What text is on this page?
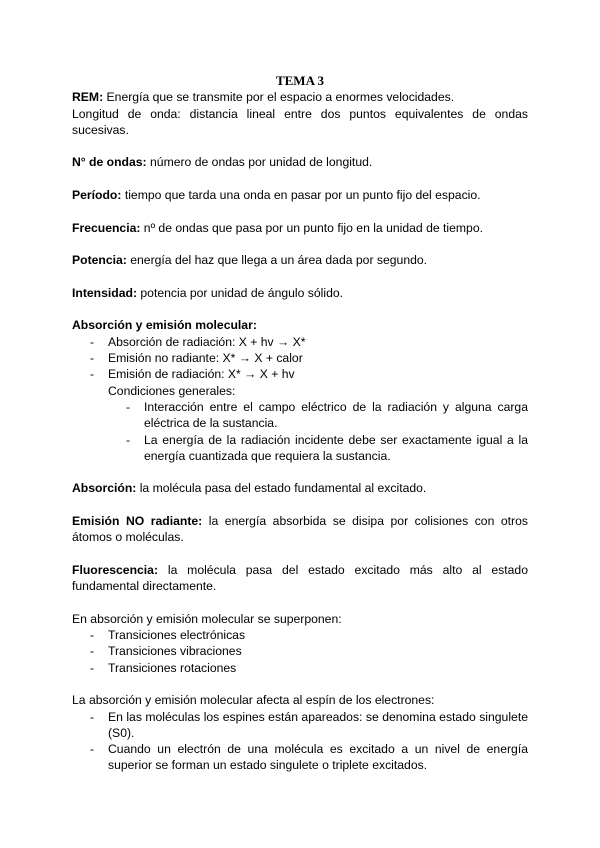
TEMA 3

REM: Energía que se transmite por el espacio a enormes velocidades.

Longitud de onda: distancia lineal entre dos puntos equivalentes de ondas sucesivas.

N° de ondas: número de ondas por unidad de longitud.

Período: tiempo que tarda una onda en pasar por un punto fijo del espacio.

Frecuencia: nº de ondas que pasa por un punto fijo en la unidad de tiempo.

Potencia: energía del haz que llega a un área dada por segundo.

Intensidad: potencia por unidad de ángulo sólido.

Absorción y emisión molecular:

- Absorción de radiación: X + hv → X*
- Emisión no radiante: X* → X + calor
- Emisión de radiación: X* → X + hv

Condiciones generales:

- Interacción entre el campo eléctrico de la radiación y alguna carga eléctrica de la sustancia.
- La energía de la radiación incidente debe ser exactamente igual a la energía cuantizada que requiera la sustancia.

Absorción: la molécula pasa del estado fundamental al excitado.

Emisión NO radiante: la energía absorbida se disipa por colisiones con otros átomos o moléculas.

Fluorescencia: la molécula pasa del estado excitado más alto al estado fundamental directamente.

En absorción y emisión molecular se superponen:

- Transiciones electrónicas
- Transiciones vibraciones
- Transiciones rotaciones

La absorción y emisión molecular afecta al espín de los electrones:

- En las moléculas los espines están apareados: se denomina estado singulete (S0).
- Cuando un electrón de una molécula es excitado a un nivel de energía superior se forman un estado singulete o triplete excitados.
